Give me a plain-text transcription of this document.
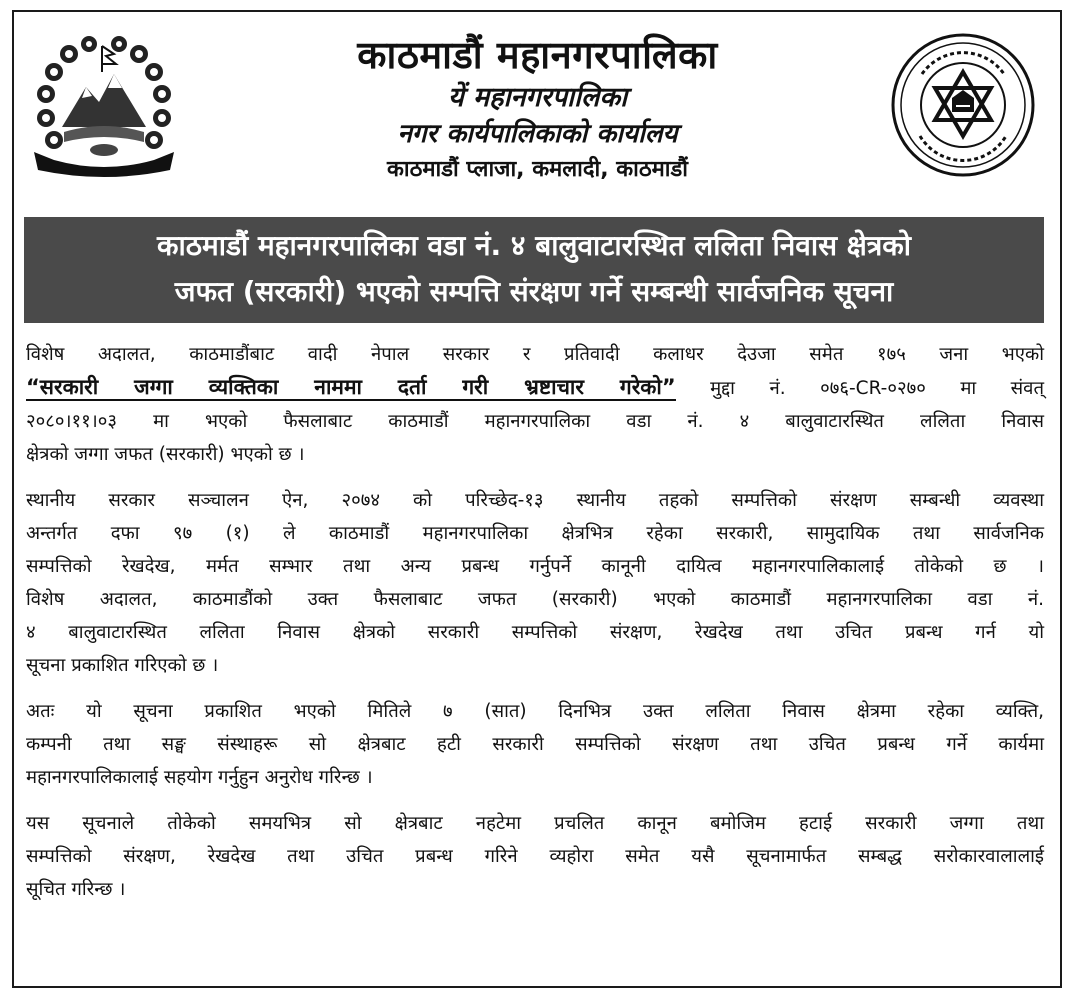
काठमाडौं महानगरपालिका
यें महानगरपालिका
नगर कार्यपालिकाको कार्यालय
काठमाडौं प्लाजा, कमलादी, काठमाडौं
काठमाडौं महानगरपालिका वडा नं. ४ बालुवाटारस्थित ललिता निवास क्षेत्रको
जफत (सरकारी) भएको सम्पत्ति संरक्षण गर्ने सम्बन्धी सार्वजनिक सूचना
विशेष अदालत, काठमाडौंबाट वादी नेपाल सरकार र प्रतिवादी कलाधर देउजा समेत १७५ जना भएको
“सरकारी जग्गा व्यक्तिका नाममा दर्ता गरी भ्रष्टाचार गरेको” मुद्दा नं. ०७६-CR-०२७० मा संवत्
२०८०।११।०३ मा भएको फैसलाबाट काठमाडौं महानगरपालिका वडा नं. ४ बालुवाटारस्थित ललिता निवास
क्षेत्रको जग्गा जफत (सरकारी) भएको छ ।
स्थानीय सरकार सञ्चालन ऐन, २०७४ को परिच्छेद-१३ स्थानीय तहको सम्पत्तिको संरक्षण सम्बन्धी व्यवस्था
अन्तर्गत दफा ९७ (१) ले काठमाडौं महानगरपालिका क्षेत्रभित्र रहेका सरकारी, सामुदायिक तथा सार्वजनिक
सम्पत्तिको रेखदेख, मर्मत सम्भार तथा अन्य प्रबन्ध गर्नुपर्ने कानूनी दायित्व महानगरपालिकालाई तोकेको छ ।
विशेष अदालत, काठमाडौंको उक्त फैसलाबाट जफत (सरकारी) भएको काठमाडौं महानगरपालिका वडा नं.
४ बालुवाटारस्थित ललिता निवास क्षेत्रको सरकारी सम्पत्तिको संरक्षण, रेखदेख तथा उचित प्रबन्ध गर्न यो
सूचना प्रकाशित गरिएको छ ।
अतः यो सूचना प्रकाशित भएको मितिले ७ (सात) दिनभित्र उक्त ललिता निवास क्षेत्रमा रहेका व्यक्ति,
कम्पनी तथा सङ्घ संस्थाहरू सो क्षेत्रबाट हटी सरकारी सम्पत्तिको संरक्षण तथा उचित प्रबन्ध गर्ने कार्यमा
महानगरपालिकालाई सहयोग गर्नुहुन अनुरोध गरिन्छ ।
यस सूचनाले तोकेको समयभित्र सो क्षेत्रबाट नहटेमा प्रचलित कानून बमोजिम हटाई सरकारी जग्गा तथा
सम्पत्तिको संरक्षण, रेखदेख तथा उचित प्रबन्ध गरिने व्यहोरा समेत यसै सूचनामार्फत सम्बद्ध सरोकारवालालाई
सूचित गरिन्छ ।
